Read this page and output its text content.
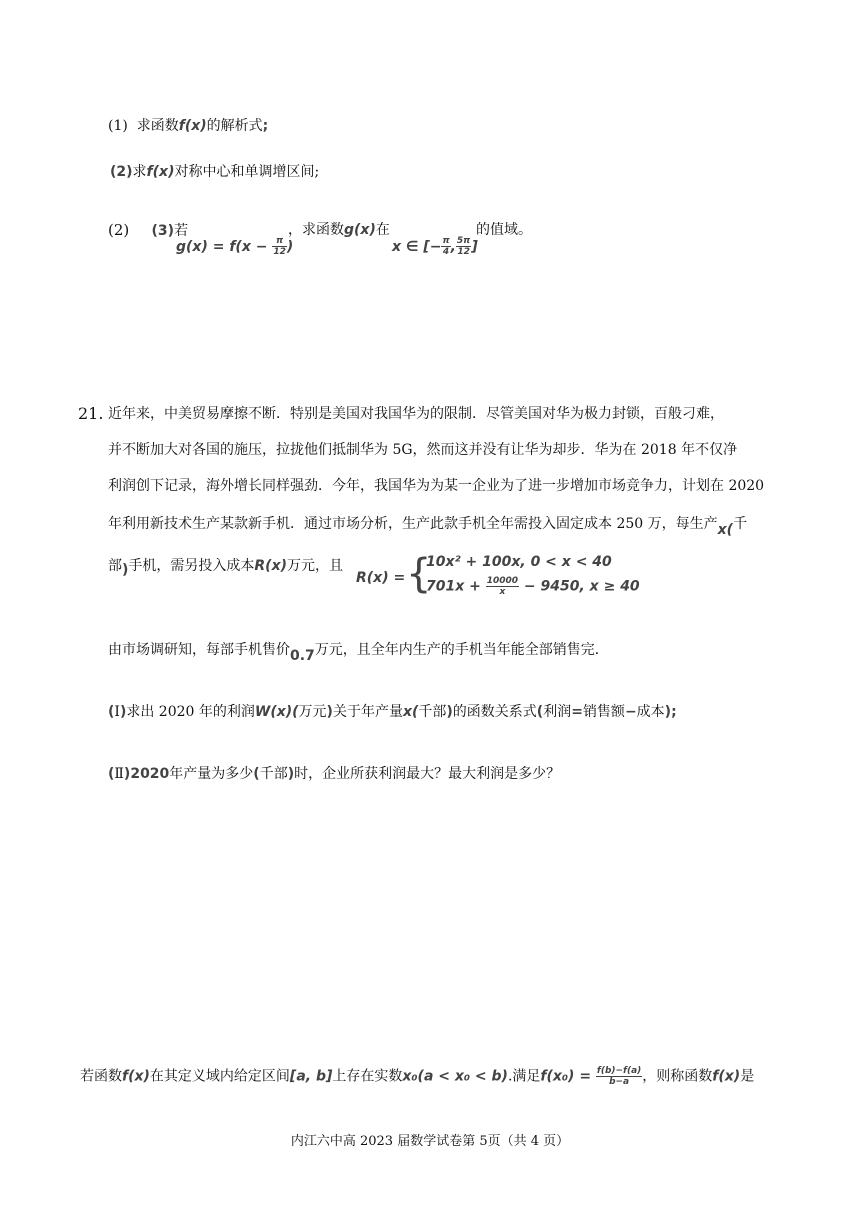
(1) 求函数f(x)的解析式;
(2)求f(x)对称中心和单调增区间;
(2) (3)若
$g(x) = f(x - \frac{\pi}{12}$ )
，求函数g(x)在
x ∈ [− $\frac{\pi}{4}$ , $\frac{5\pi}{12}$ ]
的值域。
21. 近年来，中美贸易摩擦不断．特别是美国对我国华为的限制．尽管美国对华为极力封锁，百般刁难，
并不断加大对各国的施压，拉拢他们抵制华为 5G，然而这并没有让华为却步．华为在 2018 年不仅净
利润创下记录，海外增长同样强劲．今年，我国华为为某一企业为了进一步增加市场竞争力，计划在 2020
年利用新技术生产某款新手机．通过市场分析，生产此款手机全年需投入固定成本 250 万，每生产x(千
部)手机，需另投入成本R(x)万元，且
R(x) = {
10x² + 100x, 0 < x < 40
$701x + \frac{10000}{x} - 9450$, x ≥ 40
由市场调研知，每部手机售价0.7万元，且全年内生产的手机当年能全部销售完．
(Ⅰ)求出 2020 年的利润W(x)(万元)关于年产量x(千部)的函数关系式(利润=销售额−成本);
(Ⅱ)2020年产量为多少(千部)时，企业所获利润最大？最大利润是多少？
若函数f(x)在其定义域内给定区间[a, b]上存在实数x₀(a < x₀ < b).满足$f(x_0) = \frac{f(b)-f(a)}{b-a}$ ，则称函数f(x)是
内江六中高 2023 届数学试卷第 5页（共 4 页）
